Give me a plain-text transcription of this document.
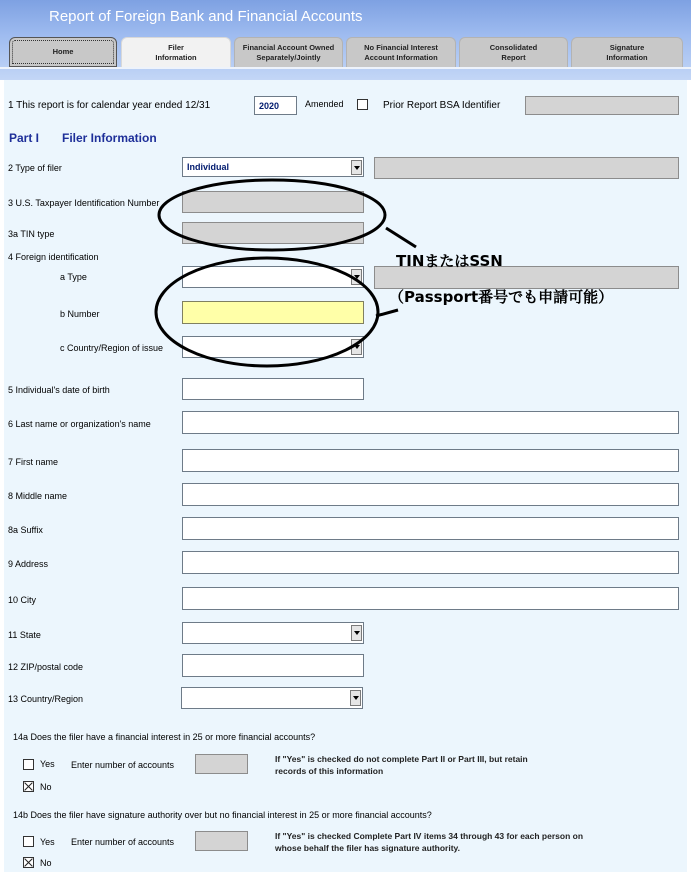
Report of Foreign Bank and Financial Accounts
Home	Filer
Information
Financial Account Owned
Separately/Jointly
No Financial Interest
Account Information
Consolidated
Report
Signature
Information
1 This report is for calendar year ended 12/31	2020	Amended	Prior Report BSA Identifier
Part I Filer Information
2 Type of filer	Individual
3 U.S. Taxpayer Identification Number
3a TIN type
4 Foreign identification
a Type
b Number
c Country/Region of issue
5 Individual's date of birth
6 Last name or organization's name
7 First name
8 Middle name
8a Suffix
9 Address
10 City
11 State
12 ZIP/postal code
13 Country/Region
14a Does the filer have a financial interest in 25 or more financial accounts?
Yes Enter number of accounts
If "Yes" is checked do not complete Part II or Part III, but retain
records of this information
No
14b Does the filer have signature authority over but no financial interest in 25 or more financial accounts?
Yes Enter number of accounts
If "Yes" is checked Complete Part IV items 34 through 43 for each person on
whose behalf the filer has signature authority.
No
TINまたはSSN
（Passport番号でも申請可能）
